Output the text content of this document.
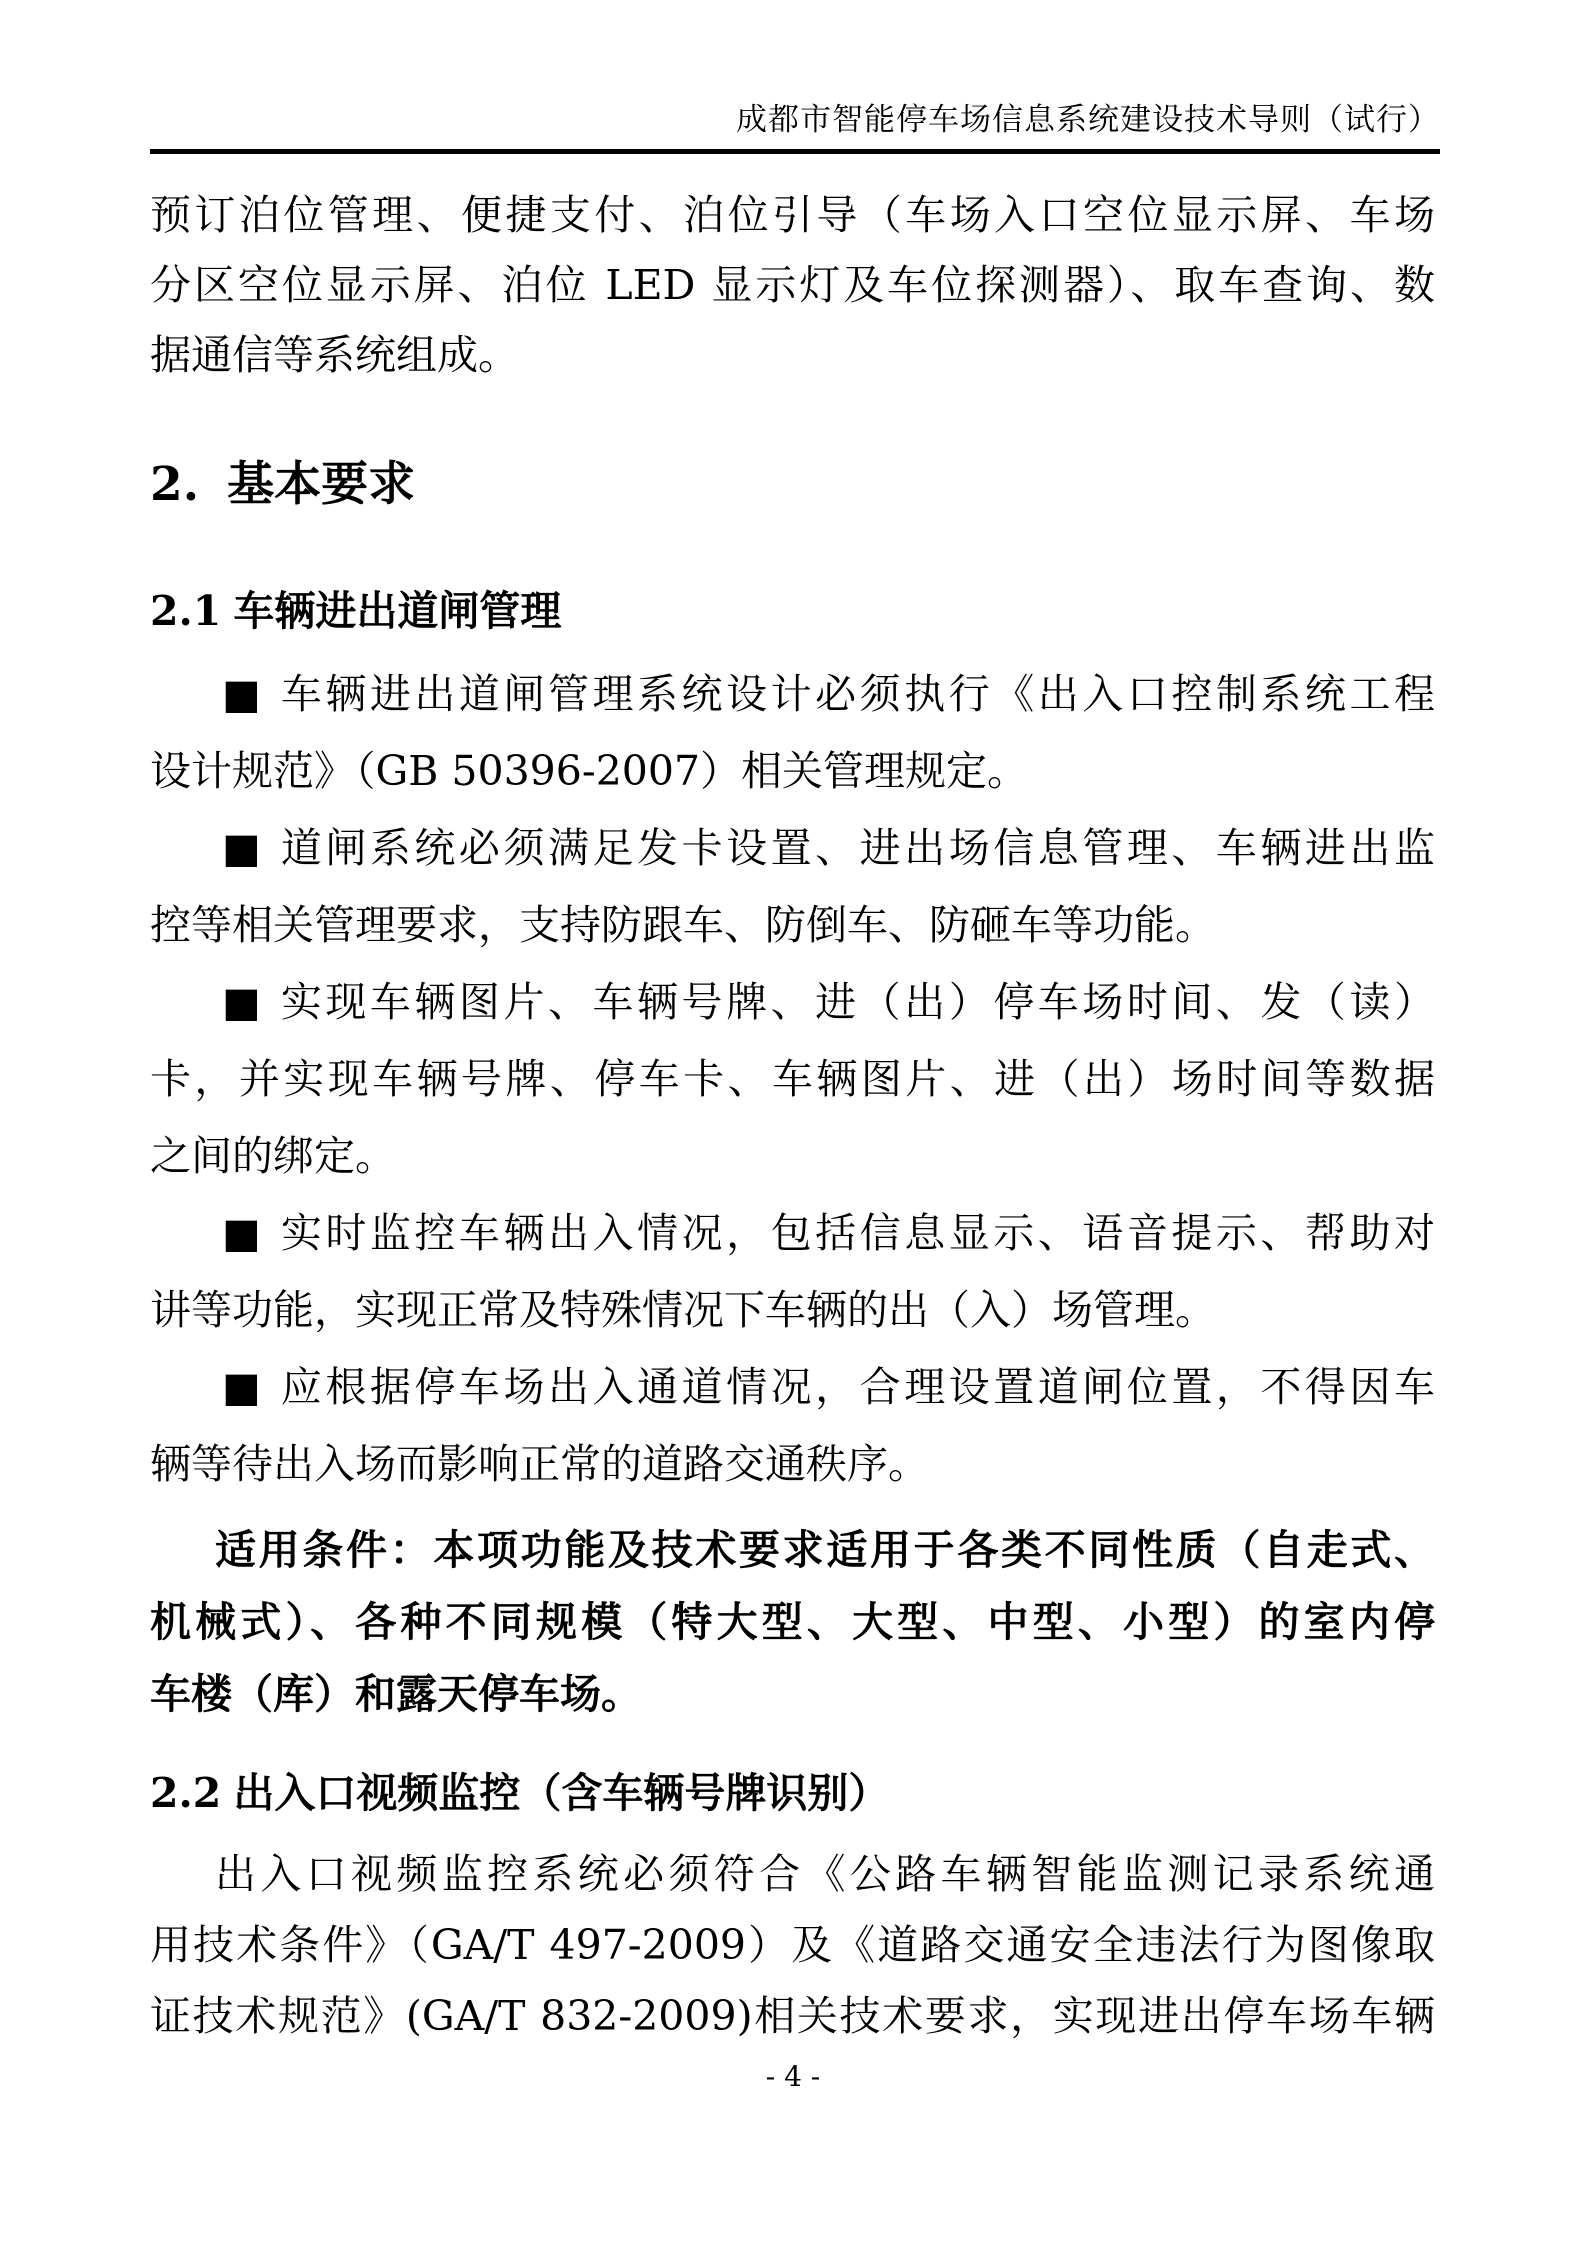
成都市智能停车场信息系统建设技术导则（试行）
预订泊位管理、便捷支付、泊位引导（车场入口空位显示屏、车场
分区空位显示屏、泊位 LED 显示灯及车位探测器）、取车查询、数
据通信等系统组成。
2. 基本要求
2.1 车辆进出道闸管理
■ 车辆进出道闸管理系统设计必须执行《出入口控制系统工程
设计规范》（GB 50396-2007）相关管理规定。
■ 道闸系统必须满足发卡设置、进出场信息管理、车辆进出监
控等相关管理要求，支持防跟车、防倒车、防砸车等功能。
■ 实现车辆图片、车辆号牌、进（出）停车场时间、发（读）
卡，并实现车辆号牌、停车卡、车辆图片、进（出）场时间等数据
之间的绑定。
■ 实时监控车辆出入情况，包括信息显示、语音提示、帮助对
讲等功能，实现正常及特殊情况下车辆的出（入）场管理。
■ 应根据停车场出入通道情况，合理设置道闸位置，不得因车
辆等待出入场而影响正常的道路交通秩序。
适用条件：本项功能及技术要求适用于各类不同性质（自走式、
机械式）、各种不同规模（特大型、大型、中型、小型）的室内停
车楼（库）和露天停车场。
2.2 出入口视频监控（含车辆号牌识别）
出入口视频监控系统必须符合《公路车辆智能监测记录系统通
用技术条件》（GA/T 497-2009）及《道路交通安全违法行为图像取
证技术规范》(GA/T 832-2009)相关技术要求，实现进出停车场车辆
- 4 -
